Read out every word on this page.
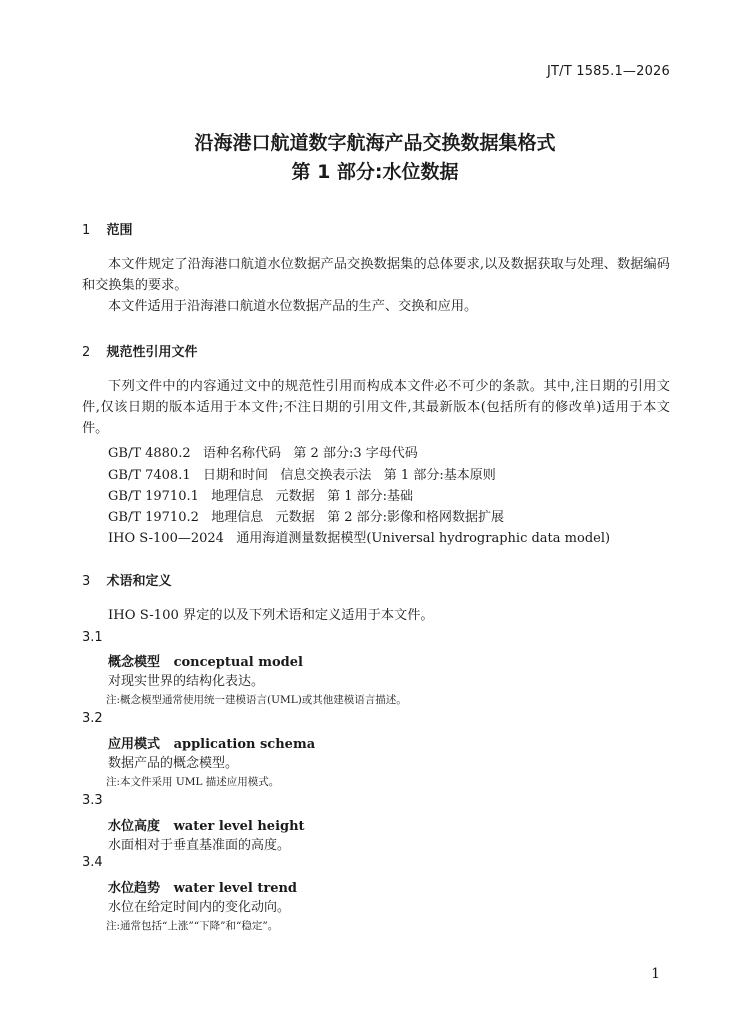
JT/T 1585.1—2026
沿海港口航道数字航海产品交换数据集格式
第 1 部分:水位数据
1 范围
本文件规定了沿海港口航道水位数据产品交换数据集的总体要求,以及数据获取与处理、数据编码和交换集的要求。
本文件适用于沿海港口航道水位数据产品的生产、交换和应用。
2 规范性引用文件
下列文件中的内容通过文中的规范性引用而构成本文件必不可少的条款。其中,注日期的引用文件,仅该日期的版本适用于本文件;不注日期的引用文件,其最新版本(包括所有的修改单)适用于本文件。
GB/T 4880.2   语种名称代码   第 2 部分:3 字母代码
GB/T 7408.1   日期和时间   信息交换表示法   第 1 部分:基本原则
GB/T 19710.1   地理信息   元数据   第 1 部分:基础
GB/T 19710.2   地理信息   元数据   第 2 部分:影像和格网数据扩展
IHO S-100—2024   通用海道测量数据模型(Universal hydrographic data model)
3 术语和定义
IHO S-100 界定的以及下列术语和定义适用于本文件。
3.1
概念模型   conceptual model
对现实世界的结构化表达。
注:概念模型通常使用统一建模语言(UML)或其他建模语言描述。
3.2
应用模式   application schema
数据产品的概念模型。
注:本文件采用 UML 描述应用模式。
3.3
水位高度   water level height
水面相对于垂直基准面的高度。
3.4
水位趋势   water level trend
水位在给定时间内的变化动向。
注:通常包括“上涨”“下降”和“稳定”。
1
